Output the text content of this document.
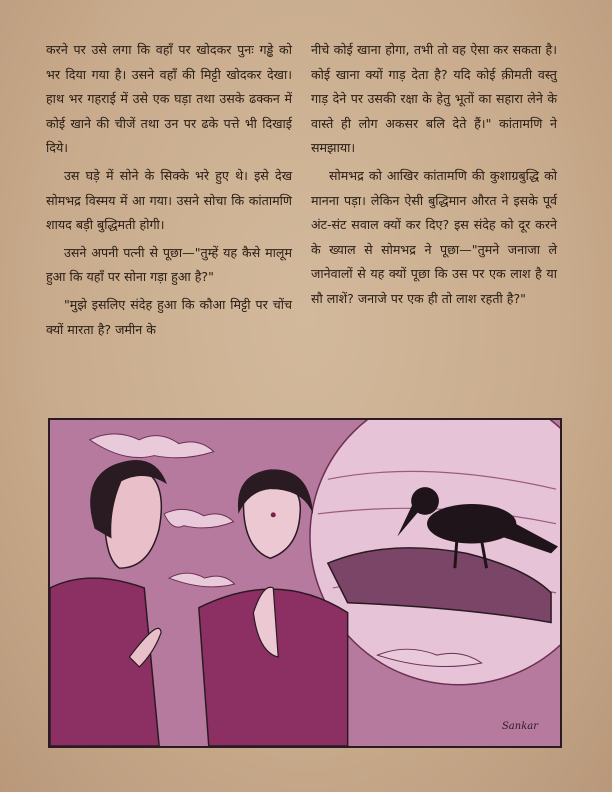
करने पर उसे लगा कि वहाँ पर खोदकर पुनः गड्ढे को भर दिया गया है। उसने वहाँ की मिट्टी खोदकर देखा। हाथ भर गहराई में उसे एक घड़ा तथा उसके ढक्कन में कोई खाने की चीजें तथा उन पर ढके पत्ते भी दिखाई दिये।

उस घड़े में सोने के सिक्के भरे हुए थे। इसे देख सोमभद्र विस्मय में आ गया। उसने सोचा कि कांतामणि शायद बड़ी बुद्धिमती होगी।

उसने अपनी पत्नी से पूछा—"तुम्हें यह कैसे मालूम हुआ कि यहाँ पर सोना गड़ा हुआ है?"

"मुझे इसलिए संदेह हुआ कि कौआ मिट्टी पर चोंच क्यों मारता है? जमीन के

नीचे कोई खाना होगा, तभी तो वह ऐसा कर सकता है। कोई खाना क्यों गाड़ देता है? यदि कोई क़ीमती वस्तु गाड़ देने पर उसकी रक्षा के हेतु भूतों का सहारा लेने के वास्ते ही लोग अकसर बलि देते हैं।" कांतामणि ने समझाया।

सोमभद्र को आखिर कांतामणि की कुशाग्रबुद्धि को मानना पड़ा। लेकिन ऐसी बुद्धिमान औरत ने इसके पूर्व अंट-संट सवाल क्यों कर दिए? इस संदेह को दूर करने के ख्याल से सोमभद्र ने पूछा—"तुमने जनाजा ले जानेवालों से यह क्यों पूछा कि उस पर एक लाश है या सौ लाशें? जनाजे पर एक ही तो लाश रहती है?"

Sankar
